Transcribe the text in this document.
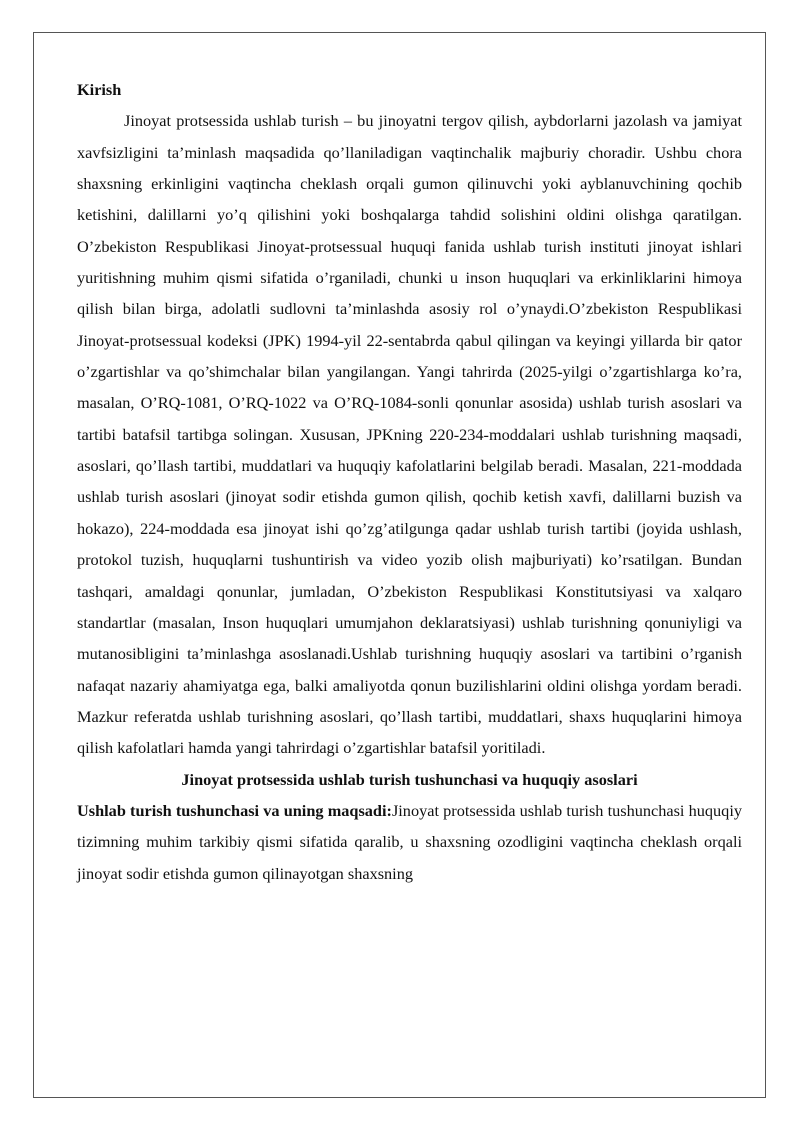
Kirish

Jinoyat protsessida ushlab turish – bu jinoyatni tergov qilish, aybdorlarni jazolash va jamiyat xavfsizligini ta’minlash maqsadida qo’llaniladigan vaqtinchalik majburiy choradir. Ushbu chora shaxsning erkinligini vaqtincha cheklash orqali gumon qilinuvchi yoki ayblanuvchining qochib ketishini, dalillarni yo’q qilishini yoki boshqalarga tahdid solishini oldini olishga qaratilgan. O’zbekiston Respublikasi Jinoyat-protsessual huquqi fanida ushlab turish instituti jinoyat ishlari yuritishning muhim qismi sifatida o’rganiladi, chunki u inson huquqlari va erkinliklarini himoya qilish bilan birga, adolatli sudlovni ta’minlashda asosiy rol o’ynaydi.O’zbekiston Respublikasi Jinoyat-protsessual kodeksi (JPK) 1994-yil 22-sentabrda qabul qilingan va keyingi yillarda bir qator o’zgartishlar va qo’shimchalar bilan yangilangan. Yangi tahrirda (2025-yilgi o’zgartishlarga ko’ra, masalan, O’RQ-1081, O’RQ-1022 va O’RQ-1084-sonli qonunlar asosida) ushlab turish asoslari va tartibi batafsil tartibga solingan. Xususan, JPKning 220-234-moddalari ushlab turishning maqsadi, asoslari, qo’llash tartibi, muddatlari va huquqiy kafolatlarini belgilab beradi. Masalan, 221-moddada ushlab turish asoslari (jinoyat sodir etishda gumon qilish, qochib ketish xavfi, dalillarni buzish va hokazo), 224-moddada esa jinoyat ishi qo’zg’atilgunga qadar ushlab turish tartibi (joyida ushlash, protokol tuzish, huquqlarni tushuntirish va video yozib olish majburiyati) ko’rsatilgan. Bundan tashqari, amaldagi qonunlar, jumladan, O’zbekiston Respublikasi Konstitutsiyasi va xalqaro standartlar (masalan, Inson huquqlari umumjahon deklaratsiyasi) ushlab turishning qonuniyligi va mutanosibligini ta’minlashga asoslanadi.Ushlab turishning huquqiy asoslari va tartibini o’rganish nafaqat nazariy ahamiyatga ega, balki amaliyotda qonun buzilishlarini oldini olishga yordam beradi. Mazkur referatda ushlab turishning asoslari, qo’llash tartibi, muddatlari, shaxs huquqlarini himoya qilish kafolatlari hamda yangi tahrirdagi o’zgartishlar batafsil yoritiladi.

Jinoyat protsessida ushlab turish tushunchasi va huquqiy asoslari

Ushlab turish tushunchasi va uning maqsadi:Jinoyat protsessida ushlab turish tushunchasi huquqiy tizimning muhim tarkibiy qismi sifatida qaralib, u shaxsning ozodligini vaqtincha cheklash orqali jinoyat sodir etishda gumon qilinayotgan shaxsning
